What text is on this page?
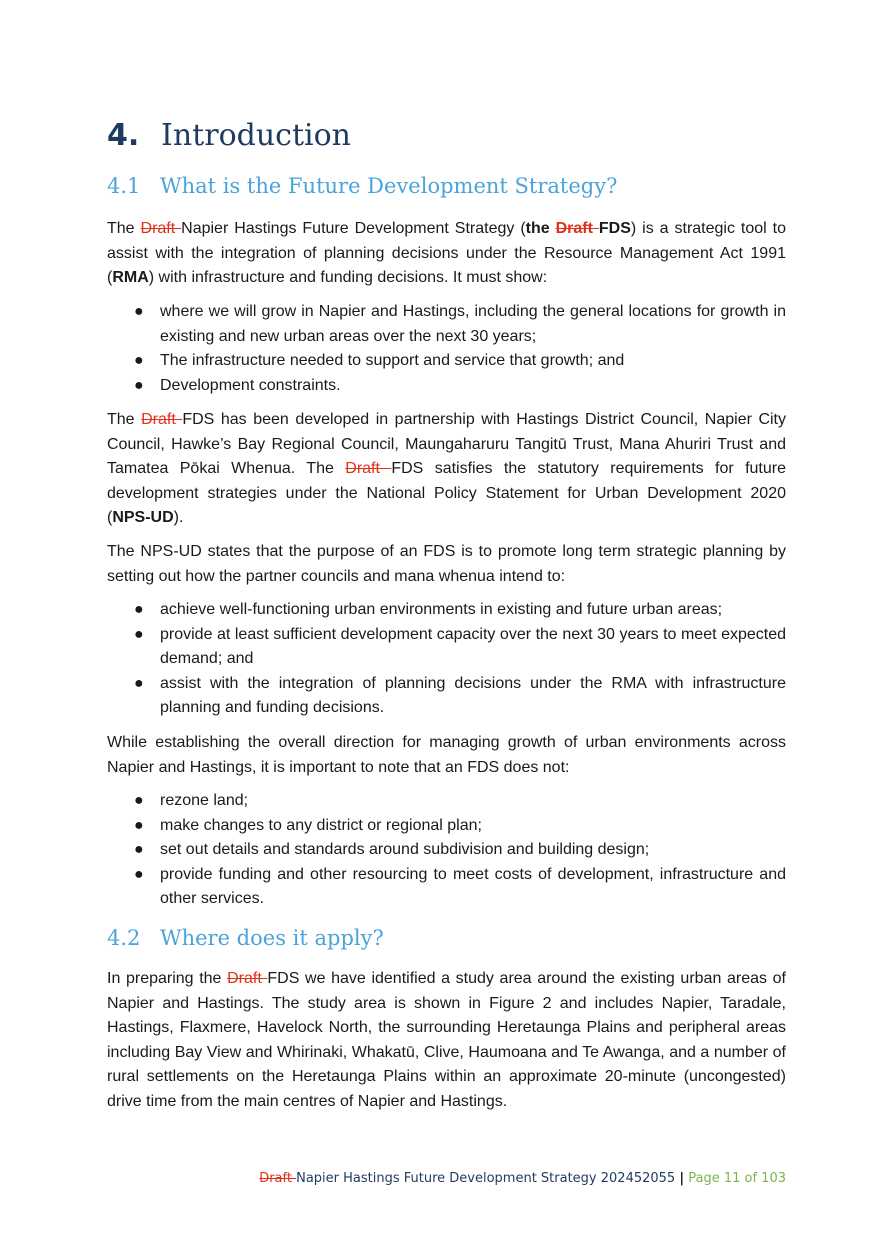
4. Introduction
4.1 What is the Future Development Strategy?
The Draft Napier Hastings Future Development Strategy (the Draft FDS) is a strategic tool to assist with the integration of planning decisions under the Resource Management Act 1991 (RMA) with infrastructure and funding decisions. It must show:
● where we will grow in Napier and Hastings, including the general locations for growth in existing and new urban areas over the next 30 years;
● The infrastructure needed to support and service that growth; and
● Development constraints.
The Draft FDS has been developed in partnership with Hastings District Council, Napier City Council, Hawke’s Bay Regional Council, Maungaharuru Tangitū Trust, Mana Ahuriri Trust and Tamatea Pōkai Whenua. The Draft FDS satisfies the statutory requirements for future development strategies under the National Policy Statement for Urban Development 2020 (NPS-UD).
The NPS-UD states that the purpose of an FDS is to promote long term strategic planning by setting out how the partner councils and mana whenua intend to:
● achieve well-functioning urban environments in existing and future urban areas;
● provide at least sufficient development capacity over the next 30 years to meet expected demand; and
● assist with the integration of planning decisions under the RMA with infrastructure planning and funding decisions.
While establishing the overall direction for managing growth of urban environments across Napier and Hastings, it is important to note that an FDS does not:
● rezone land;
● make changes to any district or regional plan;
● set out details and standards around subdivision and building design;
● provide funding and other resourcing to meet costs of development, infrastructure and other services.
4.2 Where does it apply?
In preparing the Draft FDS we have identified a study area around the existing urban areas of Napier and Hastings. The study area is shown in Figure 2 and includes Napier, Taradale, Hastings, Flaxmere, Havelock North, the surrounding Heretaunga Plains and peripheral areas including Bay View and Whirinaki, Whakatū, Clive, Haumoana and Te Awanga, and a number of rural settlements on the Heretaunga Plains within an approximate 20-minute (uncongested) drive time from the main centres of Napier and Hastings.
Draft Napier Hastings Future Development Strategy 202452055 | Page 11 of 103
